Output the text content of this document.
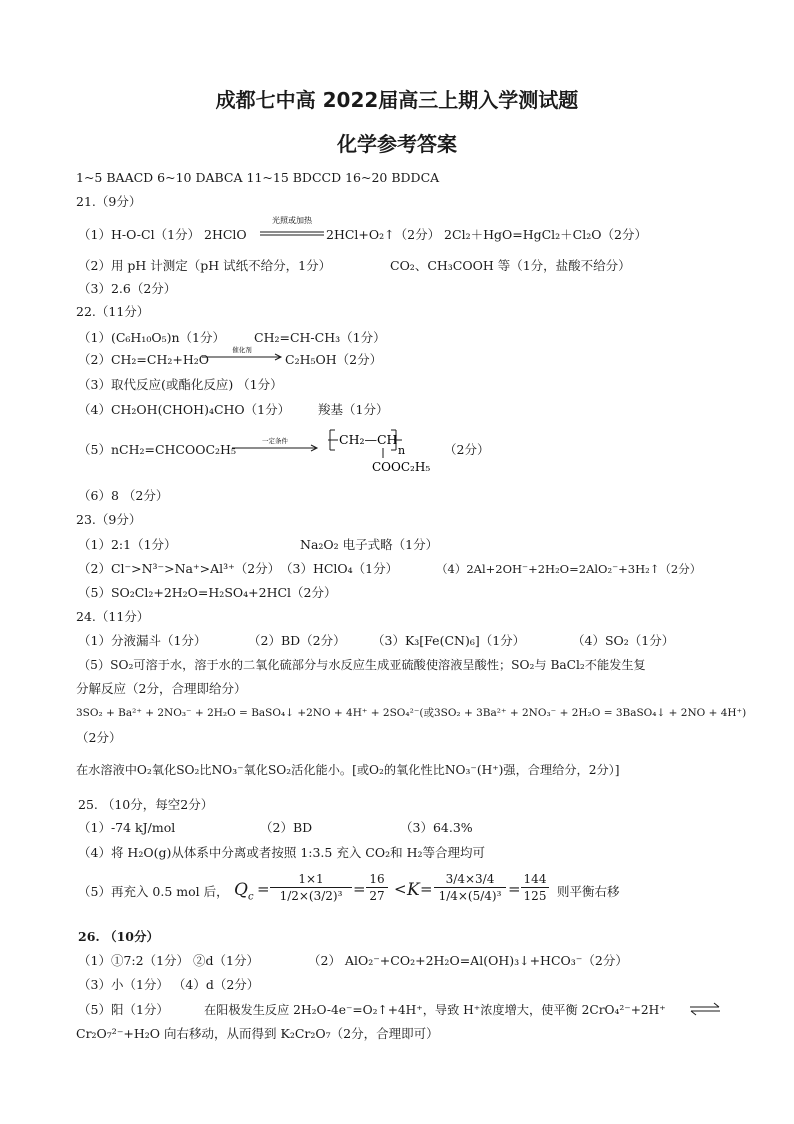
成都七中高 2022届高三上期入学测试题
化学参考答案
1~5 BAACD 6~10 DABCA 11~15 BDCCD 16~20 BDDCA
21.（9分）
（1）H-O-Cl（1分） 2HClO
光照或加热
2HCl+O₂↑（2分） 2Cl₂＋HgO=HgCl₂＋Cl₂O（2分）
（2）用 pH 计测定（pH 试纸不给分，1分）	CO₂、CH₃COOH 等（1分，盐酸不给分）
（3）2.6（2分）
22.（11分）
（1）(C₆H₁₀O₅)n（1分） CH₂=CH-CH₃（1分）
（2）CH₂=CH₂+H₂O
催化剂
C₂H₅OH（2分）
（3）取代反应(或酯化反应) （1分）
（4）CH₂OH(CHOH)₄CHO（1分） 羧基（1分）
（5）nCH₂=CHCOOC₂H₅
一定条件	CH₂—CH
n
COOC₂H₅
（2分）
（6）8 （2分）
23.（9分）
（1）2:1（1分）	Na₂O₂ 电子式略（1分）
（2）Cl⁻>N³⁻>Na⁺>Al³⁺（2分） （3）HClO₄（1分）	（4）2Al+2OH⁻+2H₂O=2AlO₂⁻+3H₂↑（2分）
（5）SO₂Cl₂+2H₂O=H₂SO₄+2HCl（2分）
24.（11分）
（1）分液漏斗（1分）	（2）BD（2分） （3）K₃[Fe(CN)₆]（1分）	（4）SO₂（1分）
（5）SO₂可溶于水，溶于水的二氧化硫部分与水反应生成亚硫酸使溶液呈酸性；SO₂与 BaCl₂不能发生复
分解反应（2分，合理即给分）
3SO₂ + Ba²⁺ + 2NO₃⁻ + 2H₂O = BaSO₄↓ +2NO + 4H⁺ + 2SO₄²⁻(或3SO₂ + 3Ba²⁺ + 2NO₃⁻ + 2H₂O = 3BaSO₄↓ + 2NO + 4H⁺)
（2分）
在水溶液中O₂氧化SO₂比NO₃⁻氧化SO₂活化能小。[或O₂的氧化性比NO₃⁻(H⁺)强，合理给分，2分）]
25. （10分，每空2分）
（1）-74 kJ/mol	（2）BD	（3）64.3%
（4）将 H₂O(g)从体系中分离或者按照 1:3.5 充入 CO₂和 H₂等合理均可
（5）再充入 0.5 mol 后， $Q_c$ =
1×1
1/2×(3/2)³ =
16
27 < K =
3/4×3/4
1/4×(5/4)³ =
144
125 则平衡右移
26. （10分）
（1）①7:2（1分） ②d（1分）	（2） AlO₂⁻+CO₂+2H₂O=Al(OH)₃↓+HCO₃⁻（2分）
（3）小（1分） （4）d（2分）
（5）阳（1分）	在阳极发生反应 2H₂O-4e⁻=O₂↑+4H⁺，导致 H⁺浓度增大，使平衡 2CrO₄²⁻+2H⁺ ⇌
Cr₂O₇²⁻+H₂O 向右移动，从而得到 K₂Cr₂O₇（2分，合理即可）
